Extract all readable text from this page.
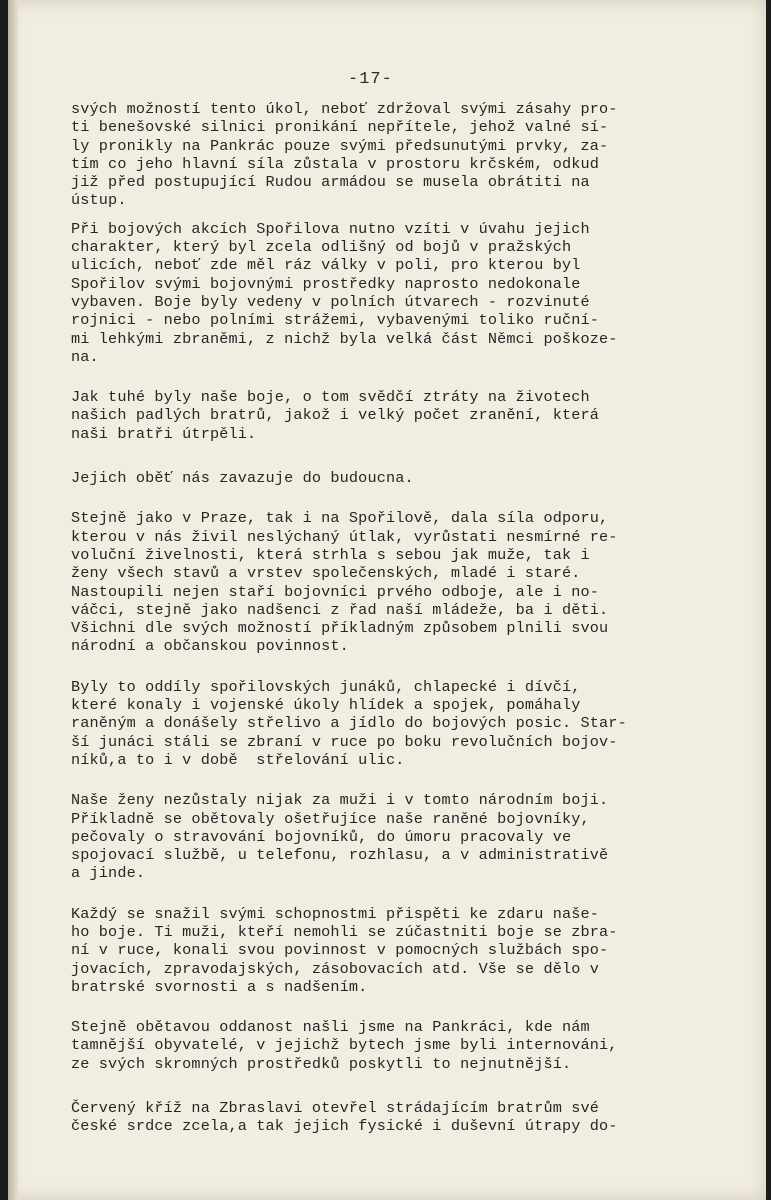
-17-

svých možností tento úkol, neboť zdržoval svými zásahy pro-
ti benešovské silnici pronikání nepřítele, jehož valné sí-
ly pronikly na Pankrác pouze svými předsunutými prvky, za-
tím co jeho hlavní síla zůstala v prostoru krčském, odkud
již před postupující Rudou armádou se musela obrátiti na
ústup.

Při bojových akcích Spořilova nutno vzíti v úvahu jejich
charakter, který byl zcela odlišný od bojů v pražských
ulicích, neboť zde měl ráz války v poli, pro kterou byl
Spořilov svými bojovnými prostředky naprosto nedokonale
vybaven. Boje byly vedeny v polních útvarech - rozvinuté
rojnici - nebo polními strážemi, vybavenými toliko ruční-
mi lehkými zbraněmi, z nichž byla velká část Němci poškoze-
na.

Jak tuhé byly naše boje, o tom svědčí ztráty na životech
našich padlých bratrů, jakož i velký počet zranění, která
naši bratři útrpěli.

Jejich oběť nás zavazuje do budoucna.

Stejně jako v Praze, tak i na Spořilově, dala síla odporu,
kterou v nás živil neslýchaný útlak, vyrůstati nesmírné re-
voluční živelnosti, která strhla s sebou jak muže, tak i
ženy všech stavů a vrstev společenských, mladé i staré.
Nastoupili nejen staří bojovníci prvého odboje, ale i no-
váčci, stejně jako nadšenci z řad naší mládeže, ba i děti.
Všichni dle svých možností příkladným způsobem plnili svou
národní a občanskou povinnost.

Byly to oddíly spořilovských junáků, chlapecké i dívčí,
které konaly i vojenské úkoly hlídek a spojek, pomáhaly
raněným a donášely střelivo a jídlo do bojových posic. Star-
ší junáci stáli se zbraní v ruce po boku revolučních bojov-
níků,a to i v době  střelování ulic.

Naše ženy nezůstaly nijak za muži i v tomto národním boji.
Příkladně se obětovaly ošetřujíce naše raněné bojovníky,
pečovaly o stravování bojovníků, do úmoru pracovaly ve
spojovací službě, u telefonu, rozhlasu, a v administrativě
a jinde.

Každý se snažil svými schopnostmi přispěti ke zdaru naše-
ho boje. Ti muži, kteří nemohli se zúčastniti boje se zbra-
ní v ruce, konali svou povinnost v pomocných službách spo-
jovacích, zpravodajských, zásobovacích atd. Vše se dělo v
bratrské svornosti a s nadšením.

Stejně obětavou oddanost našli jsme na Pankráci, kde nám
tamnější obyvatelé, v jejichž bytech jsme byli internováni,
ze svých skromných prostředků poskytli to nejnutnější.

Červený kříž na Zbraslavi otevřel strádajícím bratrům své
české srdce zcela,a tak jejich fysické i duševní útrapy do-
